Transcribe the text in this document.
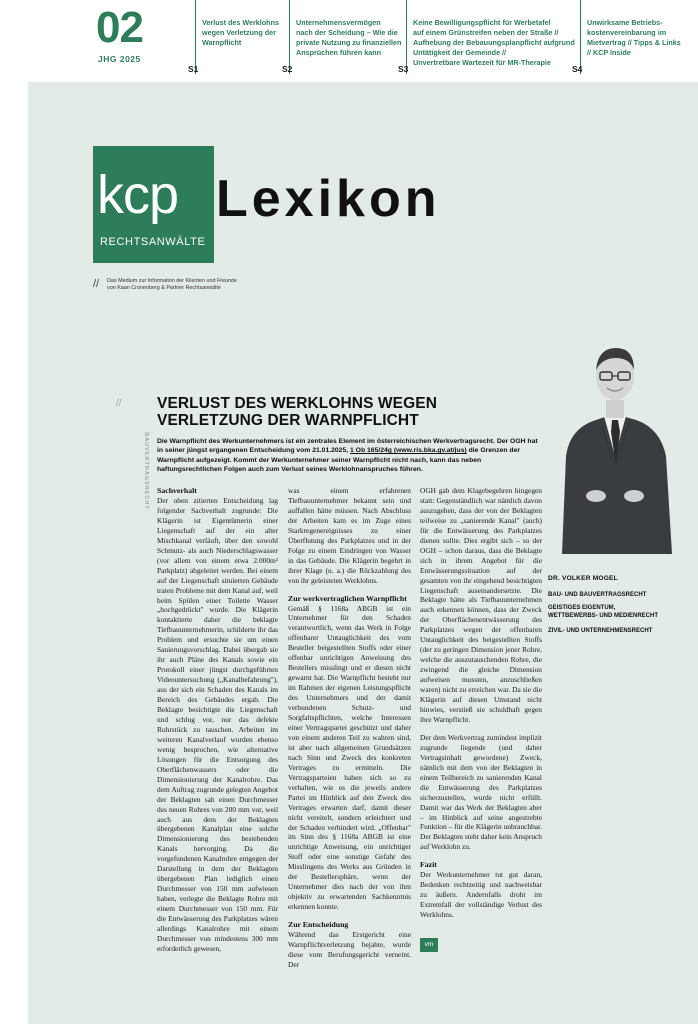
02
JHG 2025
Verlust des Werklohns
wegen Verletzung der
Warnpflicht
S1
Unternehmensvermögen
nach der Scheidung – Wie die
private Nutzung zu finanziellen
Ansprüchen führen kann
S2
Keine Bewilligungspflicht für Werbetafel
auf einem Grünstreifen neben der Straße //
Aufhebung der Bebauungsplanpflicht aufgrund
Untätigkeit der Gemeinde //
Unvertretbare Wartezeit für MR-Therapie
S3
Unwirksame Betriebs-
kostenvereinbarung im
Mietvertrag // Tipps & Links
// KCP Inside
S4
kcp
RECHTSANWÄLTE
Lexikon
// Das Medium zur Information der Klienten und Freunde
von Kaan Cronenberg & Partner Rechtsanwälte
//
BAUVERTRAGSRECHT
VERLUST DES WERKLOHNS WEGEN
VERLETZUNG DER WARNPFLICHT
Die Warnpflicht des Werkunternehmers ist ein zentrales Element im österreichischen Werkvertragsrecht. Der OGH hat in seiner jüngst ergangenen Entscheidung vom 21.01.2025, 1 Ob 165/24g (www.ris.bka.gv.at/jus) die Grenzen der Warnpflicht aufgezeigt. Kommt der Werkunternehmer seiner Warnpflicht nicht nach, kann das neben haftungsrechtlichen Folgen auch zum Verlust seines Werklohnanspruches führen.
Sachverhalt

Der oben zitierten Entscheidung lag folgender Sachverhalt zugrunde: Die Klägerin ist Eigentümerin einer Liegenschaft auf der ein alter Mischkanal verläuft, über den sowohl Schmutz- als auch Niederschlagswasser (vor allem von einem etwa 2.000m² Parkplatz) abgeleitet werden. Bei einem auf der Liegenschaft situierten Gebäude traten Probleme mit dem Kanal auf, weil beim Spülen einer Toilette Wasser „hochgedrückt" wurde. Die Klägerin kontaktierte daher die beklagte Tiefbauunternehmerin, schilderte ihr das Problem und ersuchte sie um einen Sanierungsvorschlag. Dabei übergab sie ihr auch Pläne des Kanals sowie ein Protokoll einer jüngst durchgeführten Videountersuchung („Kanalbefahrung"), aus der sich ein Schaden des Kanals im Bereich des Gebäudes ergab. Die Beklagte besichtigte die Liegenschaft und schlug vor, nur das defekte Rohrstück zu tauschen. Arbeiten im weiteren Kanalverlauf wurden ebenso wenig besprochen, wie alternative Lösungen für die Entsorgung des Oberflächenwassers oder die Dimensionierung der Kanalrohre. Das dem Auftrag zugrunde gelegten Angebot der Beklagten sah einen Durchmesser des neuen Rohres von 200 mm vor, weil auch aus dem der Beklagten übergebenen Kanalplan eine solche Dimensionierung des bestehenden Kanals hervorging. Da die vorgefundenen Kanalrohre entgegen der Darstellung in dem der Beklagten übergebenen Plan lediglich einen Durchmesser von 150 mm aufwiesen haben, verlegte die Beklagte Rohre mit einem Durchmesser von 150 mm. Für die Entwässerung des Parkplatzes wären allerdings Kanalrohre mit einem Durchmesser von mindestens 300 mm erforderlich gewesen,

was einem erfahrenen Tiefbauunternehmer bekannt sein und auffallen hätte müssen. Nach Abschluss der Arbeiten kam es im Zuge eines Starkregenereignisses zu einer Überflutung des Parkplatzes und in der Folge zu einem Eindringen von Wasser in das Gebäude. Die Klägerin begehrt in ihrer Klage (u. a.) die Rückzahlung des von ihr geleisteten Werklohns.

Zur werkvertraglichen Warnpflicht

Gemäß § 1168a ABGB ist ein Unternehmer für den Schaden verantwortlich, wenn das Werk in Folge offenbarer Untauglichkeit des vom Besteller beigestellten Stoffs oder einer offenbar unrichtigen Anweisung des Bestellers misslingt und er diesen nicht gewarnt hat. Die Warnpflicht besteht nur im Rahmen der eigenen Leistungspflicht des Unternehmers und der damit verbundenen Schutz- und Sorgfaltspflichten, welche Interessen einer Vertragspartei geschützt und daher von einem anderen Teil zu wahren sind, ist aber nach allgemeinen Grundsätzen nach Sinn und Zweck des konkreten Vertrages zu ermitteln. Die Vertragsparteien haben sich so zu verhalten, wie es die jeweils andere Partei im Hinblick auf den Zweck des Vertrages erwarten darf, damit dieser nicht vereitelt, sondern erleichtert und der Schaden verhindert wird. „Offenbar" im Sinn des § 1168a ABGB ist eine unrichtige Anweisung, ein unrichtiger Stoff oder eine sonstige Gefahr des Misslingens des Werks aus Gründen in der Bestellersphäre, wenn der Unternehmer dies nach der von ihm objektiv zu erwartenden Sachkenntnis erkennen konnte.

Zur Entscheidung

Während das Erstgericht eine Warnpflichtverletzung bejahte, wurde diese vom Berufungsgericht verneint. Der

OGH gab dem Klagebegehren hingegen statt: Gegenständlich war nämlich davon auszugehen, dass der von der Beklagten teilweise zu „sanierende Kanal" (auch) für die Entwässerung des Parkplatzes dienen sollte. Dies ergibt sich – so der OGH – schon daraus, dass die Beklagte sich in ihrem Angebot für die Entwässerungssituation auf der gesamten von ihr eingehend besichtigten Liegenschaft auseinandersetzte. Die Beklagte hätte als Tiefbauunternehmen auch erkennen können, dass der Zweck der Oberflächenentwässerung des Parkplatzes wegen der offenbaren Untauglichkeit des beigestellten Stoffs (der zu geringen Dimension jener Rohre, welche die auszutauschenden Rohre, die zwingend die gleiche Dimension aufweisen mussten, anzuschließen waren) nicht zu erreichen war. Da sie die Klägerin auf diesen Umstand nicht hinwies, verstieß sie schuldhaft gegen ihre Warnpflicht.

Der dem Werkvertrag zumindest implizit zugrunde liegende (und daher Vertragsinhalt gewordene) Zweck, nämlich mit dem von der Beklagten in einem Teilbereich zu sanierenden Kanal die Entwässerung des Parkplatzes sicherzustellen, wurde nicht erfüllt. Damit war das Werk der Beklagten aber – im Hinblick auf seine angestrebte Funktion – für die Klägerin unbrauchbar. Der Beklagten steht daher kein Anspruch auf Werklohn zu.

Fazit

Der Werkunternehmer tut gut daran, Bedenken rechtzeitig und nachweisbar zu äußern. Andernfalls droht im Extremfall der vollständige Verlust des Werklohns.

DR. VOLKER MOGEL
BAU- UND BAUVERTRAGSRECHT
GEISTIGES EIGENTUM,
WETTBEWERBS- UND MEDIENRECHT
ZIVIL- UND UNTERNEHMENSRECHT
vm
